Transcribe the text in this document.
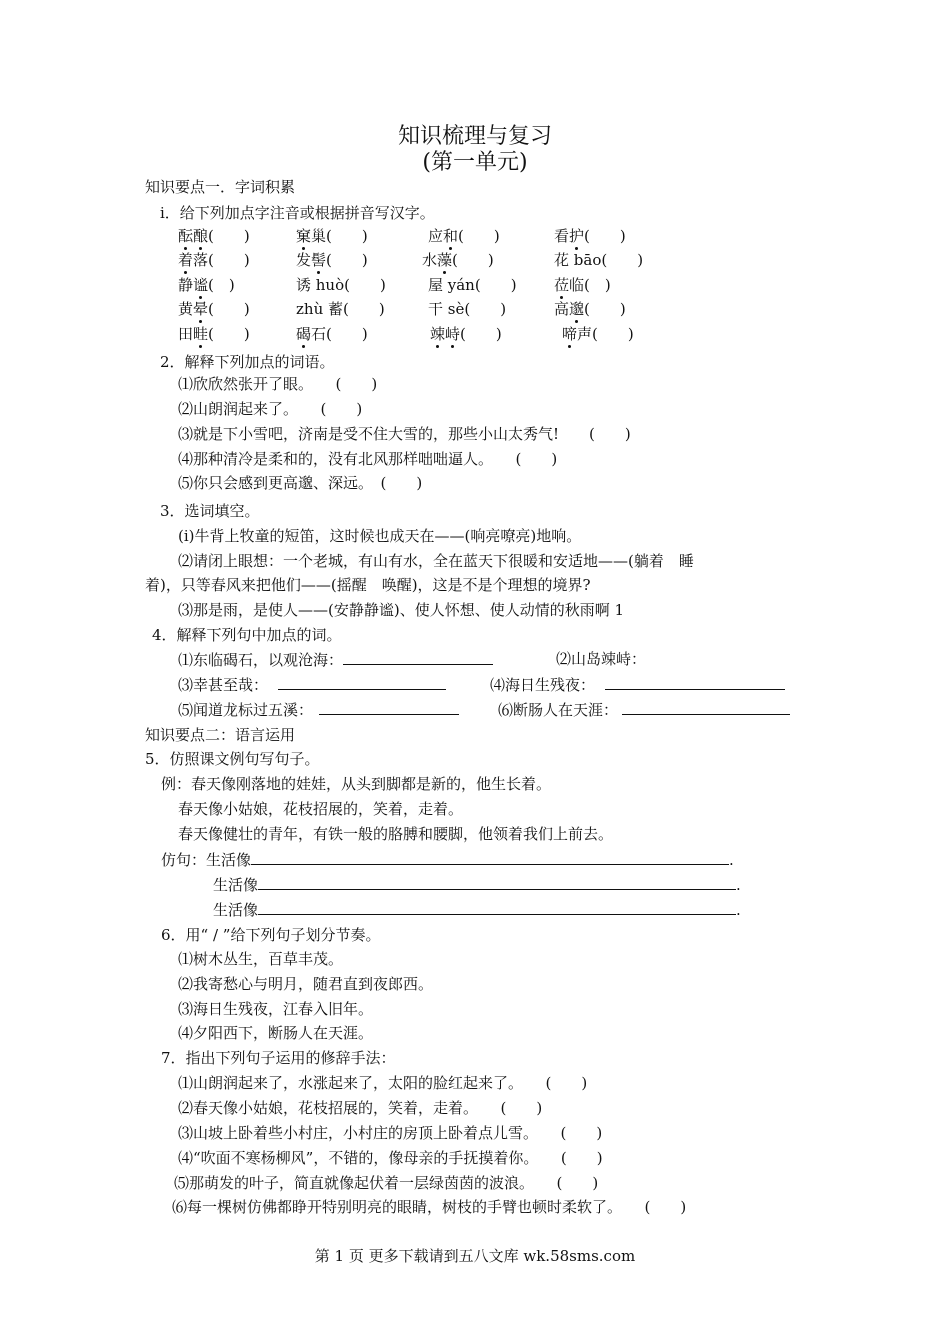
知识梳理与复习
(第一单元)
知识要点一．字词积累
i．给下列加点字注音或根据拼音写汉字。
酝酿(　　)	窠巢(　　)	应和(　　)	看护(　　)
着落(　　)	发髻(　　)	水藻(　　)	花 bāo(　　)
静谧(　)	诱 huò(　　)	屋 yán(　　) 莅临(　)
黄晕(　　)	zhù 蓄(　　)	干 sè(　　)	高邈(　　)
田畦(　　)	碣石(　　)	竦峙(　　)	啼声(　　)
2．解释下列加点的词语。
⑴欣欣然张开了眼。　　(　　)
⑵山朗润起来了。　　(　　)
⑶就是下小雪吧，济南是受不住大雪的，那些小山太秀气!　　(　　)
⑷那种清冷是柔和的，没有北风那样咄咄逼人。　　(　　)
⑸你只会感到更高邈、深远。　(　　)
3．选词填空。
(i)牛背上牧童的短笛，这时候也成天在——(响亮嘹亮)地响。
⑵请闭上眼想：一个老城，有山有水，全在蓝天下很暖和安适地——(躺着　睡
着)，只等春风来把他们——(摇醒　唤醒)，这是不是个理想的境界?
⑶那是雨，是使人——(安静静谧)、使人怀想、使人动情的秋雨啊 1
4．解释下列句中加点的词。
⑴东临碣石，以观沧海：	⑵山岛竦峙：
⑶幸甚至哉：	⑷海日生残夜：
⑸闻道龙标过五溪：	⑹断肠人在天涯：
知识要点二：语言运用
5．仿照课文例句写句子。
例：春天像刚落地的娃娃，从头到脚都是新的，他生长着。
春天像小姑娘，花枝招展的，笑着，走着。
春天像健壮的青年，有铁一般的胳膊和腰脚，他领着我们上前去。
仿句：生活像	.
生活像	.
生活像	.
6．用“ / ”给下列句子划分节奏。
⑴树木丛生，百草丰茂。
⑵我寄愁心与明月，随君直到夜郎西。
⑶海日生残夜，江春入旧年。
⑷夕阳西下，断肠人在天涯。
7．指出下列句子运用的修辞手法：
⑴山朗润起来了，水涨起来了，太阳的脸红起来了。　　(　　)
⑵春天像小姑娘，花枝招展的，笑着，走着。　　(　　)
⑶山坡上卧着些小村庄，小村庄的房顶上卧着点儿雪。　　(　　)
⑷“吹面不寒杨柳风”，不错的，像母亲的手抚摸着你。　　(　　)
⑸那萌发的叶子，简直就像起伏着一层绿茵茵的波浪。　　(　　)
⑹每一棵树仿佛都睁开特别明亮的眼睛，树枝的手臂也顿时柔软了。　　(　　)
第 1 页 更多下载请到五八文库 wk.58sms.com
